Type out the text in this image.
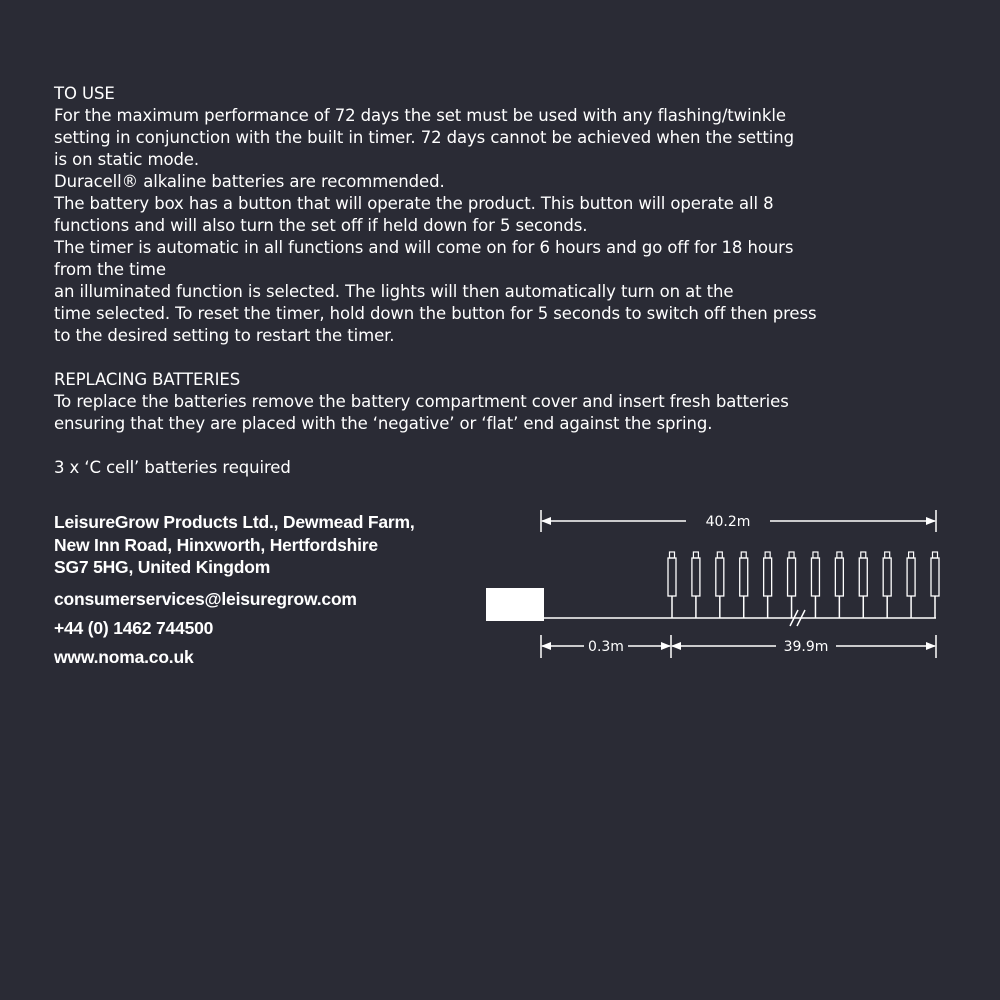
TO USE
For the maximum performance of 72 days the set must be used with any flashing/twinkle
setting in conjunction with the built in timer. 72 days cannot be achieved when the setting
is on static mode.
Duracell® alkaline batteries are recommended.
The battery box has a button that will operate the product. This button will operate all 8
functions and will also turn the set off if held down for 5 seconds.
The timer is automatic in all functions and will come on for 6 hours and go off for 18 hours
from the time
an illuminated function is selected. The lights will then automatically turn on at the
time selected. To reset the timer, hold down the button for 5 seconds to switch off then press
to the desired setting to restart the timer.
REPLACING BATTERIES
To replace the batteries remove the battery compartment cover and insert fresh batteries
ensuring that they are placed with the ‘negative’ or ‘flat’ end against the spring.
3 x ‘C cell’ batteries required
LeisureGrow Products Ltd., Dewmead Farm,
New Inn Road, Hinxworth, Hertfordshire
SG7 5HG, United Kingdom
consumerservices@leisuregrow.com
+44 (0) 1462 744500
www.noma.co.uk
40.2m
0.3m	39.9m
